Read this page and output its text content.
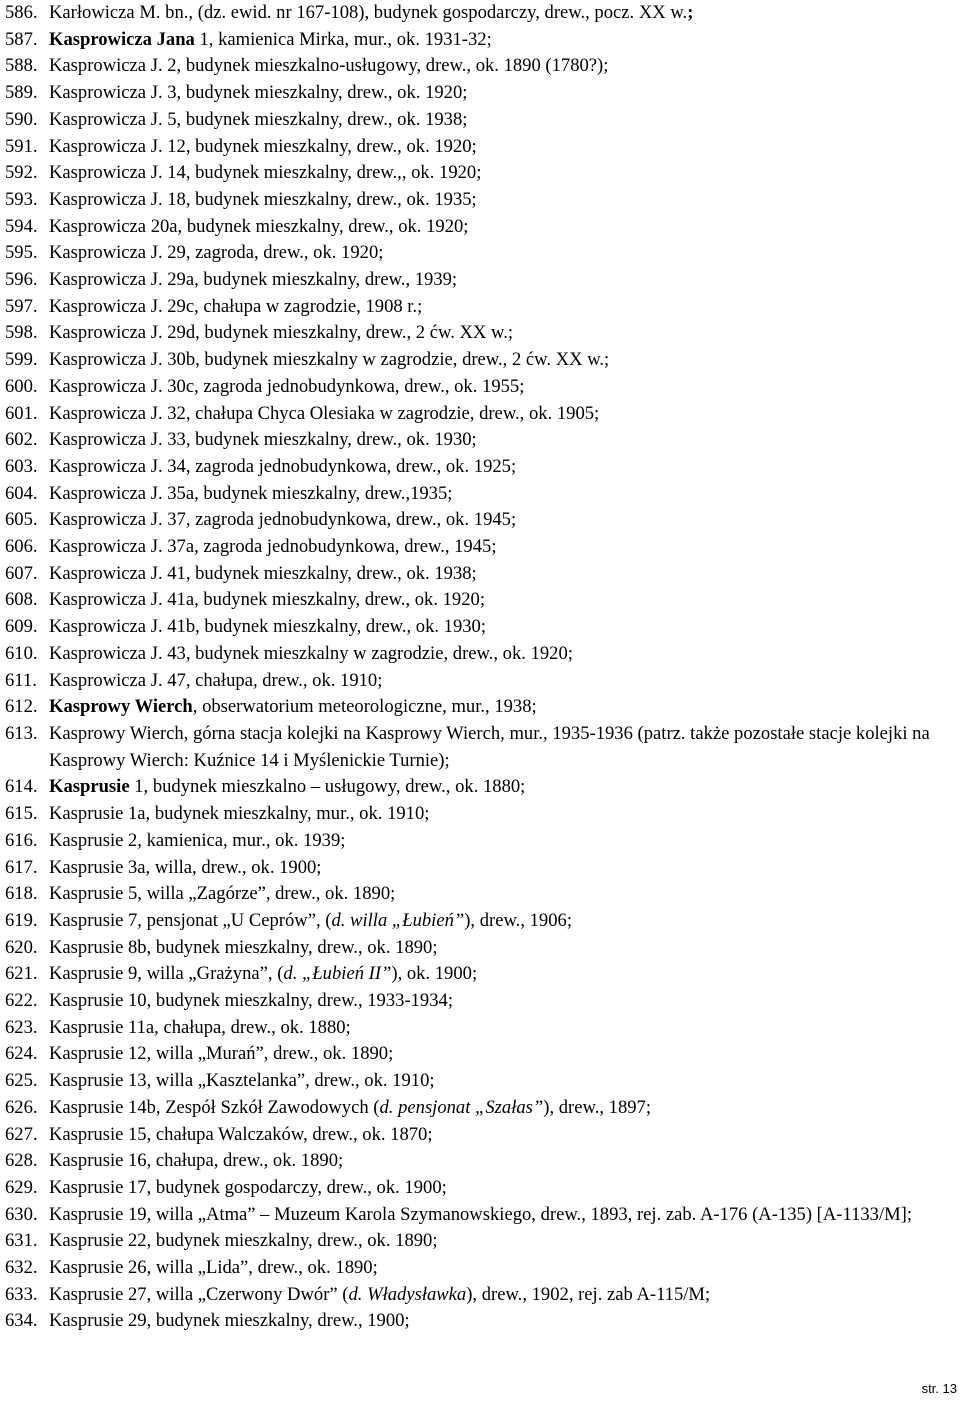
586. Karłowicza M. bn., (dz. ewid. nr 167-108), budynek gospodarczy, drew., pocz. XX w.;
587. Kasprowicza Jana 1, kamienica Mirka, mur., ok. 1931-32;
588. Kasprowicza J. 2, budynek mieszkalno-usługowy, drew., ok. 1890 (1780?);
589. Kasprowicza J. 3, budynek mieszkalny, drew., ok. 1920;
590. Kasprowicza J. 5, budynek mieszkalny, drew., ok. 1938;
591. Kasprowicza J. 12, budynek mieszkalny, drew., ok. 1920;
592. Kasprowicza J. 14, budynek mieszkalny, drew.,, ok. 1920;
593. Kasprowicza J. 18, budynek mieszkalny, drew., ok. 1935;
594. Kasprowicza 20a, budynek mieszkalny, drew., ok. 1920;
595. Kasprowicza J. 29, zagroda, drew., ok. 1920;
596. Kasprowicza J. 29a, budynek mieszkalny, drew., 1939;
597. Kasprowicza J. 29c, chałupa w zagrodzie, 1908 r.;
598. Kasprowicza J. 29d, budynek mieszkalny, drew., 2 ćw. XX w.;
599. Kasprowicza J. 30b, budynek mieszkalny w zagrodzie, drew., 2 ćw. XX w.;
600. Kasprowicza J. 30c, zagroda jednobudynkowa, drew., ok. 1955;
601. Kasprowicza J. 32, chałupa Chyca Olesiaka w zagrodzie, drew., ok. 1905;
602. Kasprowicza J. 33, budynek mieszkalny, drew., ok. 1930;
603. Kasprowicza J. 34, zagroda jednobudynkowa, drew., ok. 1925;
604. Kasprowicza J. 35a, budynek mieszkalny, drew.,1935;
605. Kasprowicza J. 37, zagroda jednobudynkowa, drew., ok. 1945;
606. Kasprowicza J. 37a, zagroda jednobudynkowa, drew., 1945;
607. Kasprowicza J. 41, budynek mieszkalny, drew., ok. 1938;
608. Kasprowicza J. 41a, budynek mieszkalny, drew., ok. 1920;
609. Kasprowicza J. 41b, budynek mieszkalny, drew., ok. 1930;
610. Kasprowicza J. 43, budynek mieszkalny w zagrodzie, drew., ok. 1920;
611. Kasprowicza J. 47, chałupa, drew., ok. 1910;
612. Kasprowy Wierch, obserwatorium meteorologiczne, mur., 1938;
613. Kasprowy Wierch, górna stacja kolejki na Kasprowy Wierch, mur., 1935-1936 (patrz. także pozostałe stacje kolejki na Kasprowy Wierch: Kuźnice 14 i Myślenickie Turnie);
614. Kasprusie 1, budynek mieszkalno – usługowy, drew., ok. 1880;
615. Kasprusie 1a, budynek mieszkalny, mur., ok. 1910;
616. Kasprusie 2, kamienica, mur., ok. 1939;
617. Kasprusie 3a, willa, drew., ok. 1900;
618. Kasprusie 5, willa „Zagórze”, drew., ok. 1890;
619. Kasprusie 7, pensjonat „U Ceprów”, (d. willa „Łubień”), drew., 1906;
620. Kasprusie 8b, budynek mieszkalny, drew., ok. 1890;
621. Kasprusie 9, willa „Grażyna”, (d. „Łubień II”), ok. 1900;
622. Kasprusie 10, budynek mieszkalny, drew., 1933-1934;
623. Kasprusie 11a, chałupa, drew., ok. 1880;
624. Kasprusie 12, willa „Murań”, drew., ok. 1890;
625. Kasprusie 13, willa „Kasztelanka”, drew., ok. 1910;
626. Kasprusie 14b, Zespół Szkół Zawodowych (d. pensjonat „Szałas”), drew., 1897;
627. Kasprusie 15, chałupa Walczaków, drew., ok. 1870;
628. Kasprusie 16, chałupa, drew., ok. 1890;
629. Kasprusie 17, budynek gospodarczy, drew., ok. 1900;
630. Kasprusie 19, willa „Atma” – Muzeum Karola Szymanowskiego, drew., 1893, rej. zab. A-176 (A-135) [A-1133/M];
631. Kasprusie 22, budynek mieszkalny, drew., ok. 1890;
632. Kasprusie 26, willa „Lida”, drew., ok. 1890;
633. Kasprusie 27, willa „Czerwony Dwór” (d. Władysławka), drew., 1902, rej. zab A-115/M;
634. Kasprusie 29, budynek mieszkalny, drew., 1900;
str. 13
